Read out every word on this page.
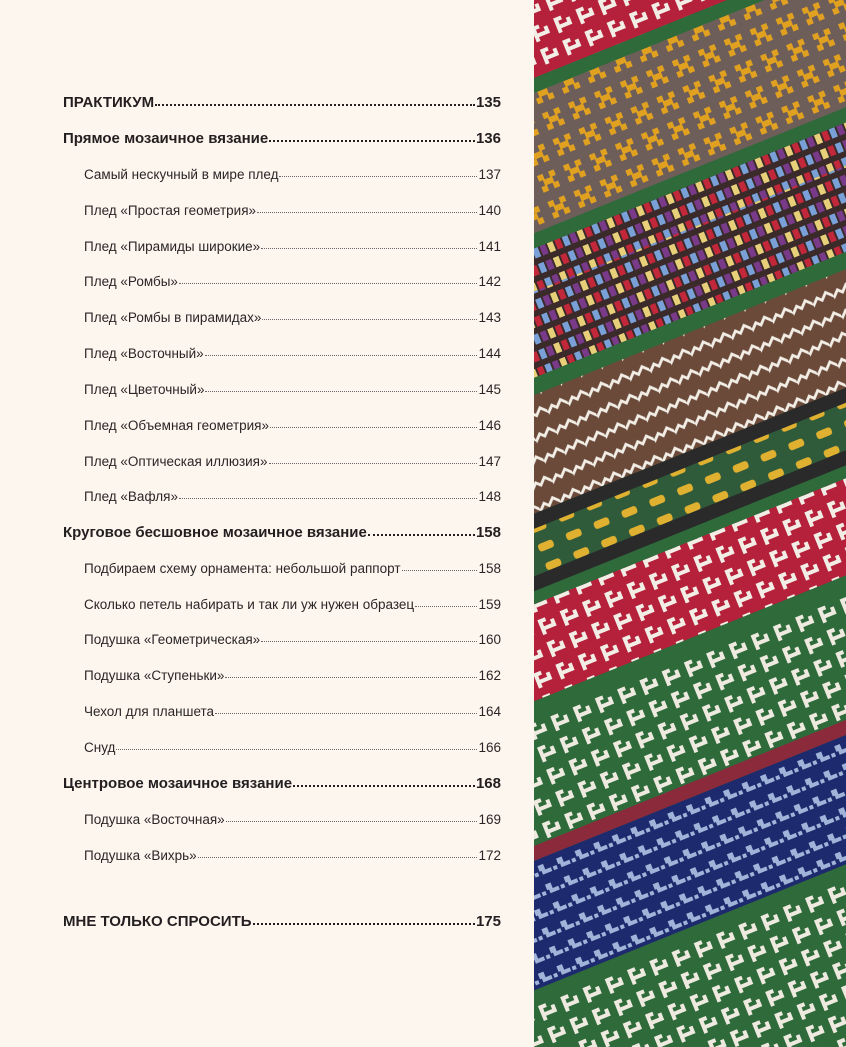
ПРАКТИКУМ	135
Прямое мозаичное вязание	136
Самый нескучный в мире плед	137
Плед «Простая геометрия»	140
Плед «Пирамиды широкие»	141
Плед «Ромбы»	142
Плед «Ромбы в пирамидах»	143
Плед «Восточный»	144
Плед «Цветочный»	145
Плед «Объемная геометрия»	146
Плед «Оптическая иллюзия»	147
Плед «Вафля»	148
Круговое бесшовное мозаичное вязание	158
Подбираем схему орнамента: небольшой раппорт	158
Сколько петель набирать и так ли уж нужен образец	159
Подушка «Геометрическая»	160
Подушка «Ступеньки»	162
Чехол для планшета	164
Снуд	166
Центровое мозаичное вязание	168
Подушка «Восточная»	169
Подушка «Вихрь»	172
МНЕ ТОЛЬКО СПРОСИТЬ	175
